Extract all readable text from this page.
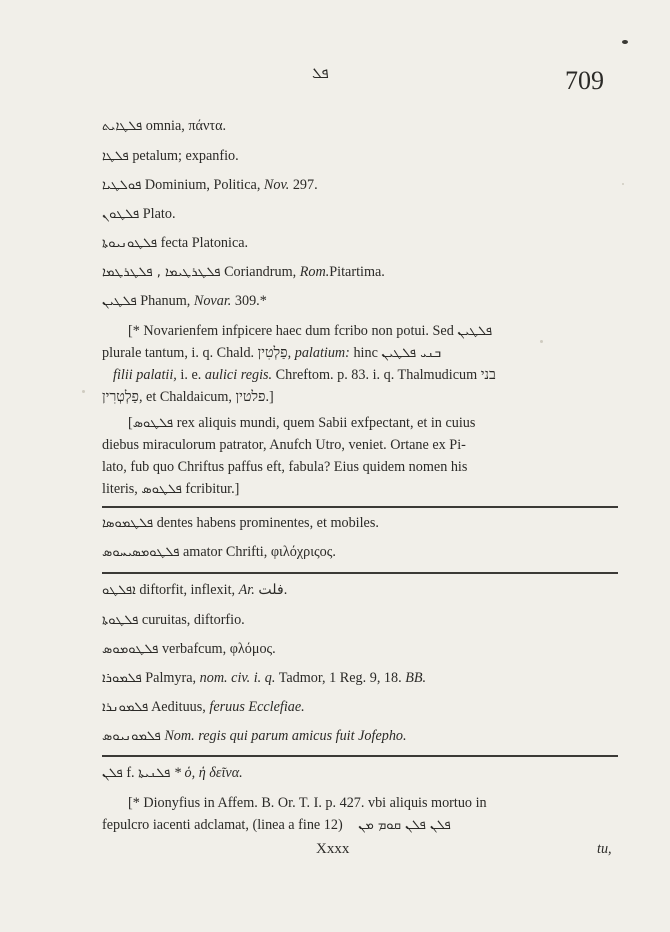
ܦܠ	709
ܦܠܛܐܝܬ omnia, πάντα.
ܦܠܛܐ petalum; expanfio.
ܦܘܠܛܝܐ Dominium, Politica, Nov. 297.
ܦܠܛܘܢ Plato.
ܦܠܛܘܢܝܘܬܐ fecta Platonica.
ܦܠܛܪܛܝܡܐ , ܦܠܛܪܛܡܐ Coriandrum, Rom.Pitartima.
ܦܠܛܝܢ Phanum, Novar. 309.*
[* Novarienfem infpicere haec dum fcribo non potui. Sed ܦܠܛܝܢ
plurale tantum, i. q. Chald. פַלְטִין, palatium: hinc ܒܢܝ ܦܠܛܝܢ
filii palatii, i. e. aulici regis. Chreftom. p. 83. i. q. Thalmudicum בני
פַלְטְרִין, et Chaldaicum, פלטין.]
[ܦܠܛܘܣ rex aliquis mundi, quem Sabii exfpectant, et in cuius
diebus miraculorum patrator, Anufch Utro, veniet. Ortane ex Pi-
lato, fub quo Chriftus paffus eft, fabula? Eius quidem nomen his
literis, ܦܠܛܘܣ fcribitur.]
ܦܠܛܡܘܣܐ dentes habens prominentes, et mobiles.
ܦܠܛܘܡܣܝܚܘܣ amator Chrifti, φιλόχριςος.
ܐܦܠܛܘ diftorfit, inflexit, Ar. فلت.
ܦܠܛܘܬܐ curuitas, diftorfio.
ܦܠܛܘܡܘܣ verbafcum, φλόμος.
ܦܠܡܘܪܐ Palmyra, nom. civ. i. q. Tadmor, 1 Reg. 9, 18. BB.
ܦܠܡܘܢܪܐ Aedituus, feruus Ecclefiae.
ܦܠܡܘܢܝܘܣ Nom. regis qui parum amicus fuit Jofepho.
ܦܠܢ f. ܦܠܢܝܬܐ * ὁ, ἡ δεῖνα.
[* Dionyfius in Affem. B. Or. T. I. p. 427. vbi aliquis mortuo in
fepulcro iacenti adclamat, (linea a fine 12) ܦܠܢ ܦܠܢ ܩܘܡ ܡܢ
Xxxx	tu,
